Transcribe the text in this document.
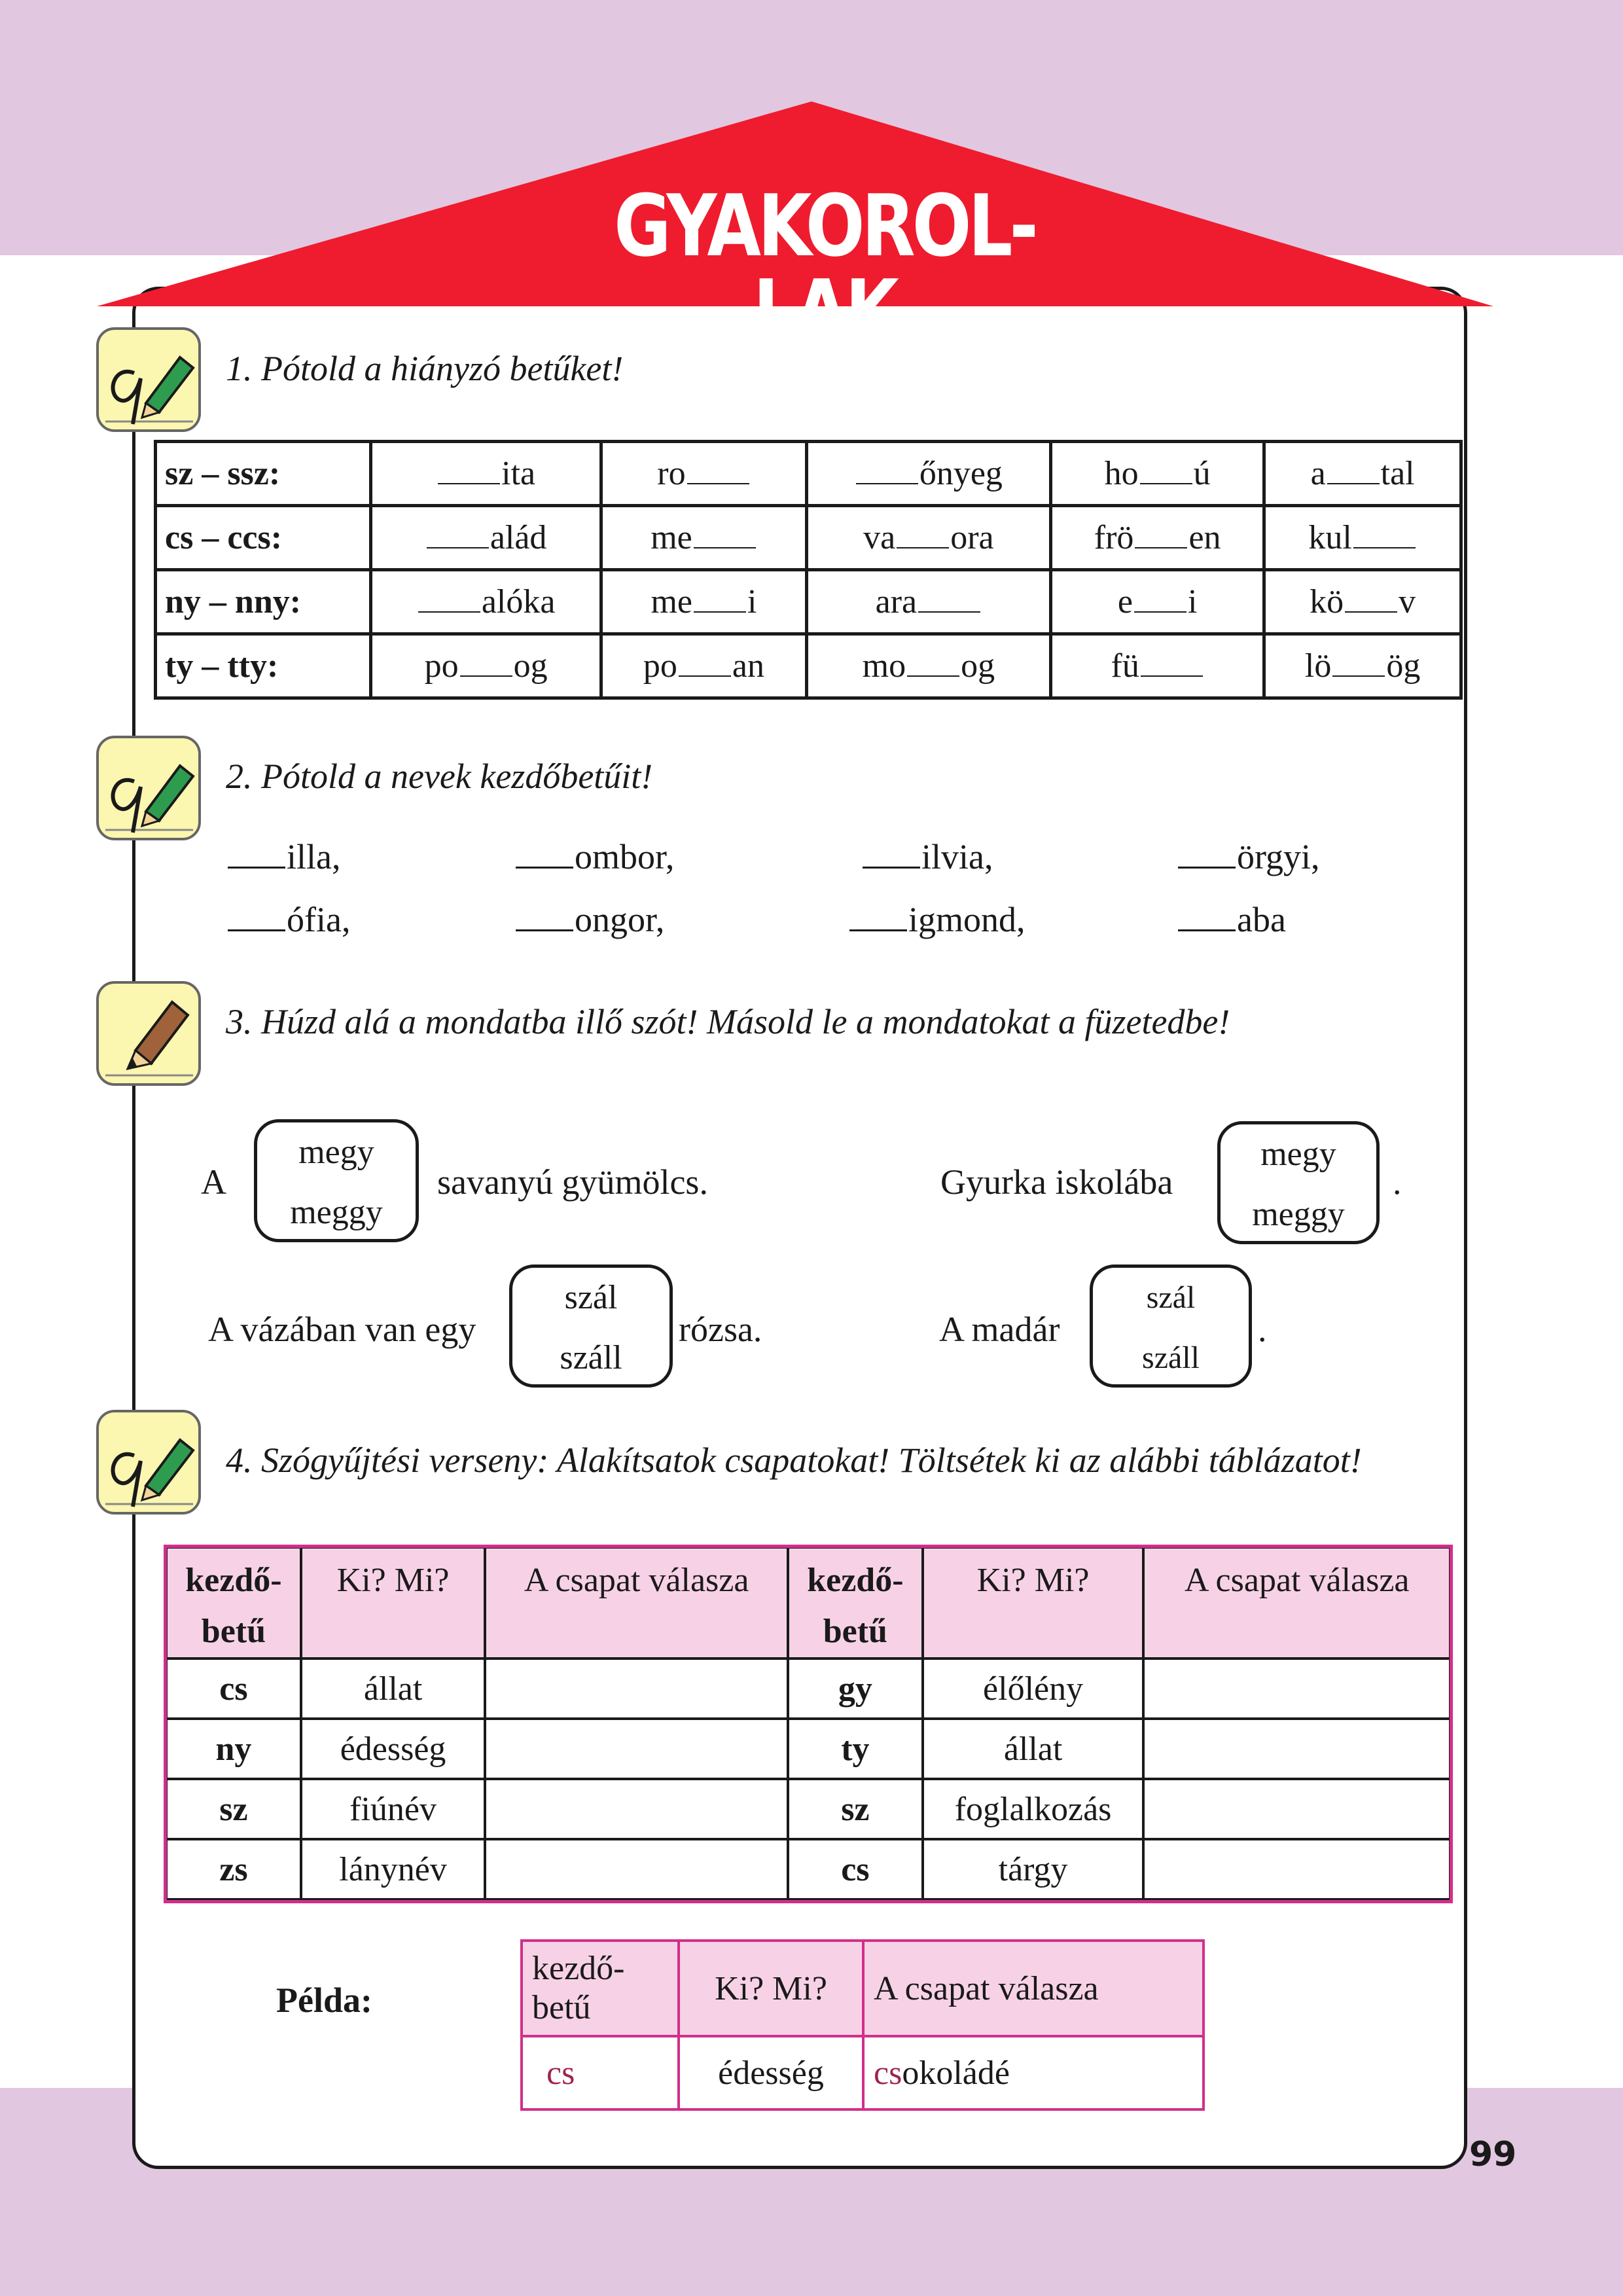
GYAKOROL-LAK
1. Pótold a hiányzó betűket!
sz – ssz:	ita	ro	őnyeg	ho ú	a tal
cs – ccs:	alád	me	va ora	frö en	kul
ny – nny:	alóka	me i	ara	e i	kö v
ty – tty:	po og	po an	mo og	fü	lö ög
2. Pótold a nevek kezdőbetűit!
illa,	ombor,	ilvia,	örgyi,
ófia,	ongor,	igmond,	aba
3. Húzd alá a mondatba illő szót! Másold le a mondatokat a füzetedbe!
A
megy
meggy
savanyú gyümölcs.	Gyurka iskolába
megy
meggy
.
A vázában van egy
szál
száll
rózsa.	A madár
szál
száll
.
4. Szógyűjtési verseny: Alakítsatok csapatokat! Töltsétek ki az alábbi táblázatot!
kezdő-
betű	Ki? Mi?	A csapat válasza	kezdő-
betű	Ki? Mi?	A csapat válasza
cs	állat		gy	élőlény	
ny	édesség		ty	állat	
sz	fiúnév		sz	foglalkozás	
zs	lánynév		cs	tárgy	
Példa:
kezdő-
betű	Ki? Mi?	A csapat válasza
cs	édesség	csokoládé
99
